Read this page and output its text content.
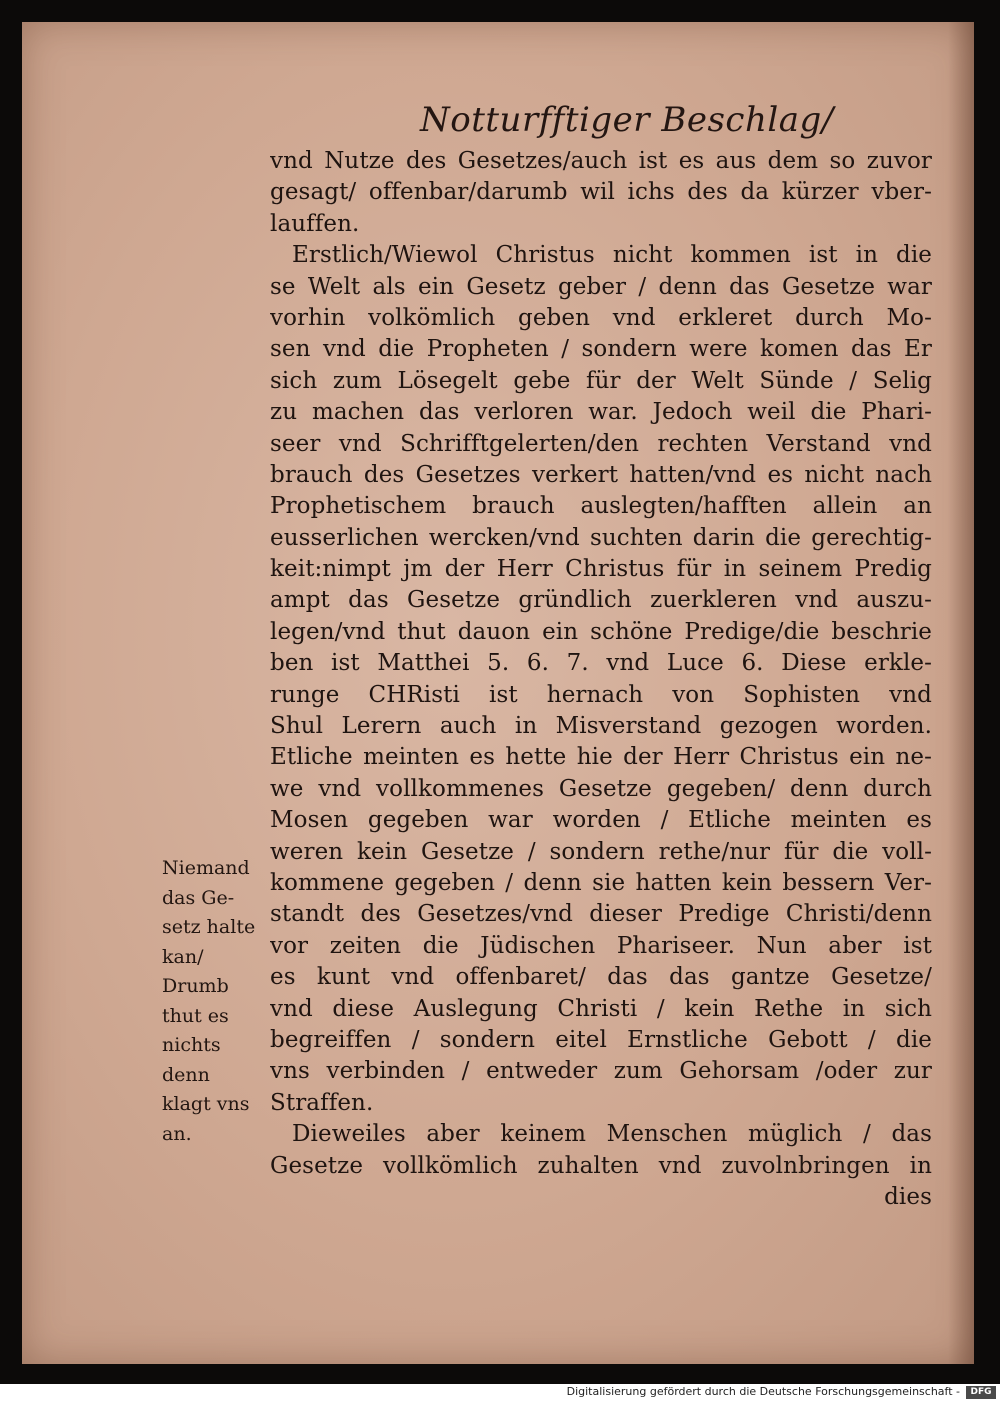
Notturfftiger Beschlag/
vnd Nutze des Gesetzes/auch ist es aus dem so zuvor
gesagt/ offenbar/darumb wil ichs des da kürzer vber-
lauffen.
Erstlich/Wiewol Christus nicht kommen ist in die
se Welt als ein Gesetz geber / denn das Gesetze war
vorhin volkömlich geben vnd erkleret durch Mo-
sen vnd die Propheten / sondern were komen das Er
sich zum Lösegelt gebe für der Welt Sünde / Selig
zu machen das verloren war. Jedoch weil die Phari-
seer vnd Schrifftgelerten/den rechten Verstand vnd
brauch des Gesetzes verkert hatten/vnd es nicht nach
Prophetischem brauch auslegten/hafften allein an
eusserlichen wercken/vnd suchten darin die gerechtig-
keit:nimpt jm der Herr Christus für in seinem Predig
ampt das Gesetze gründlich zuerkleren vnd auszu-
legen/vnd thut dauon ein schöne Predige/die beschrie
ben ist Matthei 5. 6. 7. vnd Luce 6. Diese erkle-
runge CHRisti ist hernach von Sophisten vnd
Shul Lerern auch in Misverstand gezogen worden.
Etliche meinten es hette hie der Herr Christus ein ne-
we vnd vollkommenes Gesetze gegeben/ denn durch
Mosen gegeben war worden / Etliche meinten es
weren kein Gesetze / sondern rethe/nur für die voll-
kommene gegeben / denn sie hatten kein bessern Ver-
standt des Gesetzes/vnd dieser Predige Christi/denn
vor zeiten die Jüdischen Phariseer. Nun aber ist
es kunt vnd offenbaret/ das das gantze Gesetze/
vnd diese Auslegung Christi / kein Rethe in sich
begreiffen / sondern eitel Ernstliche Gebott / die
vns verbinden / entweder zum Gehorsam /oder zur
Straffen.
Dieweiles aber keinem Menschen müglich / das
Gesetze vollkömlich zuhalten vnd zuvolnbringen in
dies
Niemand
das Ge-
setz halte
kan/
Drumb
thut es
nichts
denn
klagt vns
an.
Digitalisierung gefördert durch die Deutsche Forschungsgemeinschaft -	DFG
